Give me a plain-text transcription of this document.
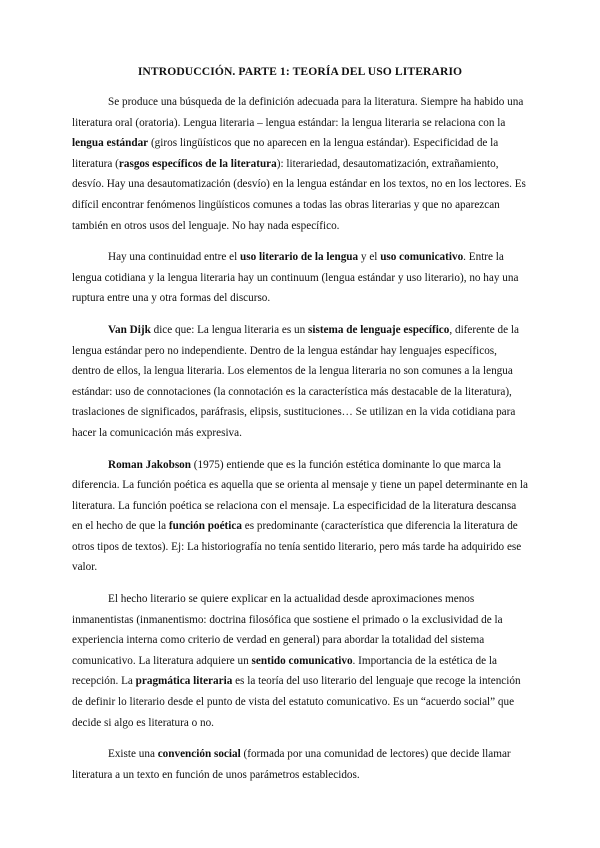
INTRODUCCIÓN. PARTE 1: TEORÍA DEL USO LITERARIO

Se produce una búsqueda de la definición adecuada para la literatura. Siempre ha habido una literatura oral (oratoria). Lengua literaria – lengua estándar: la lengua literaria se relaciona con la lengua estándar (giros lingüísticos que no aparecen en la lengua estándar). Especificidad de la literatura (rasgos específicos de la literatura): literariedad, desautomatización, extrañamiento, desvío. Hay una desautomatización (desvío) en la lengua estándar en los textos, no en los lectores. Es difícil encontrar fenómenos lingüísticos comunes a todas las obras literarias y que no aparezcan también en otros usos del lenguaje. No hay nada específico.

Hay una continuidad entre el uso literario de la lengua y el uso comunicativo. Entre la lengua cotidiana y la lengua literaria hay un continuum (lengua estándar y uso literario), no hay una ruptura entre una y otra formas del discurso.

Van Dijk dice que: La lengua literaria es un sistema de lenguaje específico, diferente de la lengua estándar pero no independiente. Dentro de la lengua estándar hay lenguajes específicos, dentro de ellos, la lengua literaria. Los elementos de la lengua literaria no son comunes a la lengua estándar: uso de connotaciones (la connotación es la característica más destacable de la literatura), traslaciones de significados, paráfrasis, elipsis, sustituciones… Se utilizan en la vida cotidiana para hacer la comunicación más expresiva.

Roman Jakobson (1975) entiende que es la función estética dominante lo que marca la diferencia. La función poética es aquella que se orienta al mensaje y tiene un papel determinante en la literatura. La función poética se relaciona con el mensaje. La especificidad de la literatura descansa en el hecho de que la función poética es predominante (característica que diferencia la literatura de otros tipos de textos). Ej: La historiografía no tenía sentido literario, pero más tarde ha adquirido ese valor.

El hecho literario se quiere explicar en la actualidad desde aproximaciones menos inmanentistas (inmanentismo: doctrina filosófica que sostiene el primado o la exclusividad de la experiencia interna como criterio de verdad en general) para abordar la totalidad del sistema comunicativo. La literatura adquiere un sentido comunicativo. Importancia de la estética de la recepción. La pragmática literaria es la teoría del uso literario del lenguaje que recoge la intención de definir lo literario desde el punto de vista del estatuto comunicativo. Es un “acuerdo social” que decide si algo es literatura o no.

Existe una convención social (formada por una comunidad de lectores) que decide llamar literatura a un texto en función de unos parámetros establecidos.
